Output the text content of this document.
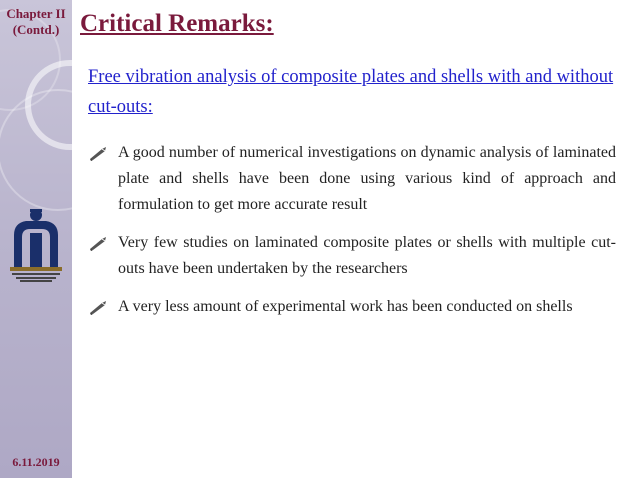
Chapter II
(Contd.)
6.11.2019
Critical Remarks:
Free vibration analysis of composite plates and shells with and without cut-outs:
A good number of numerical investigations on dynamic analysis of laminated plate and shells have been done using various kind of approach and formulation to get more accurate result
Very few studies on laminated composite plates or shells with multiple cut-outs have been undertaken by the researchers
A very less amount of experimental work has been conducted on shells
